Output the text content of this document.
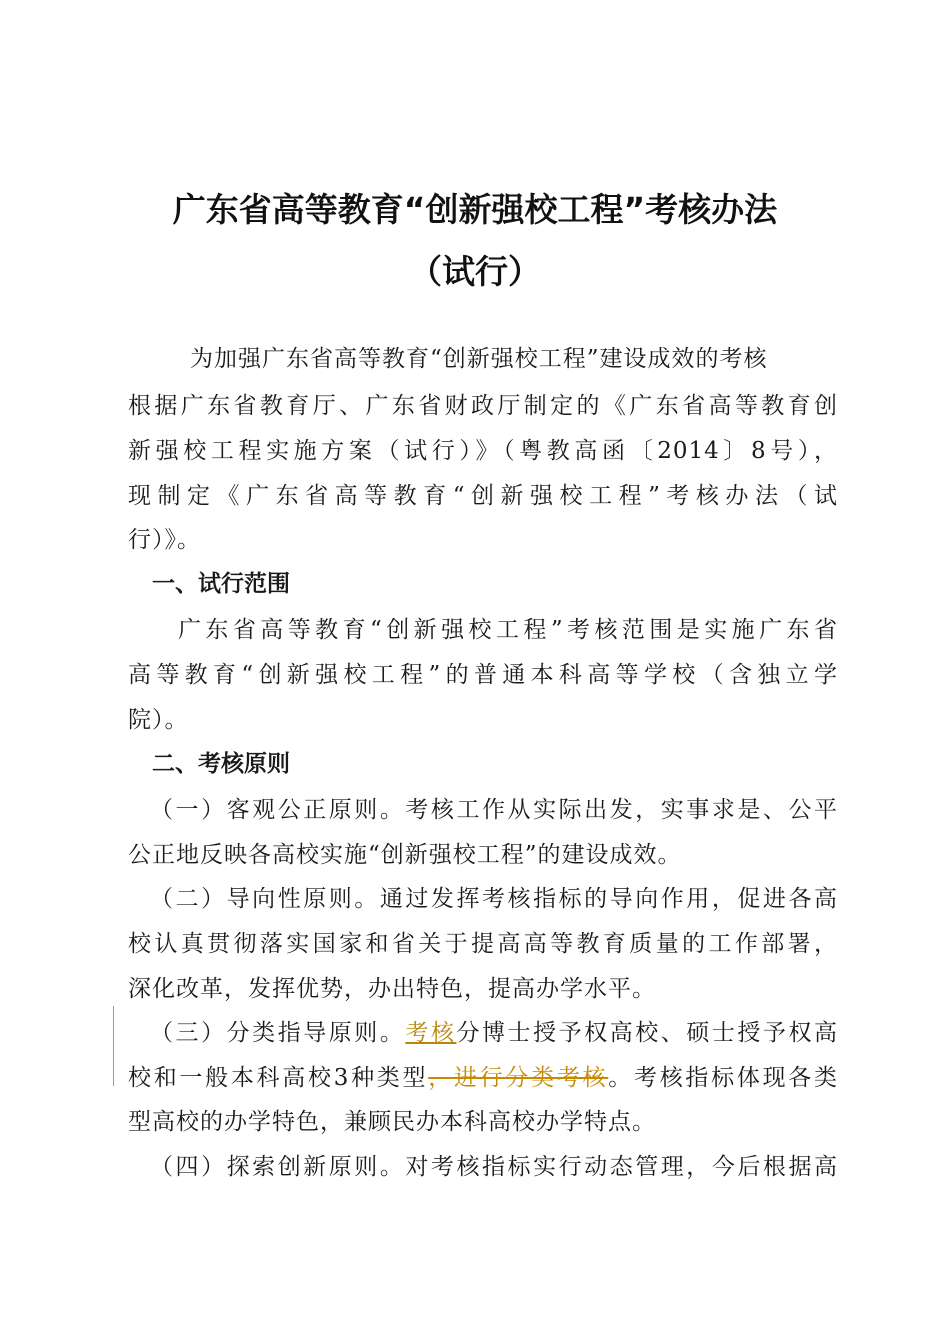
广东省高等教育“创新强校工程”考核办法
（试行）
为加强广东省高等教育“创新强校工程”建设成效的考核
根据广东省教育厅、广东省财政厅制定的《广东省高等教育创
新强校工程实施方案（试行）》（粤教高函〔2014〕8号），
现制定《广东省高等教育“创新强校工程”考核办法（试
行）》。
一、试行范围
广东省高等教育“创新强校工程”考核范围是实施广东省
高等教育“创新强校工程”的普通本科高等学校（含独立学
院）。
二、考核原则
（一）客观公正原则。考核工作从实际出发，实事求是、公平
公正地反映各高校实施“创新强校工程”的建设成效。
（二）导向性原则。通过发挥考核指标的导向作用，促进各高
校认真贯彻落实国家和省关于提高高等教育质量的工作部署，
深化改革，发挥优势，办出特色，提高办学水平。
（三）分类指导原则。考核分博士授予权高校、硕士授予权高
校和一般本科高校3种类型，进行分类考核。考核指标体现各类
型高校的办学特色，兼顾民办本科高校办学特点。
（四）探索创新原则。对考核指标实行动态管理，今后根据高
